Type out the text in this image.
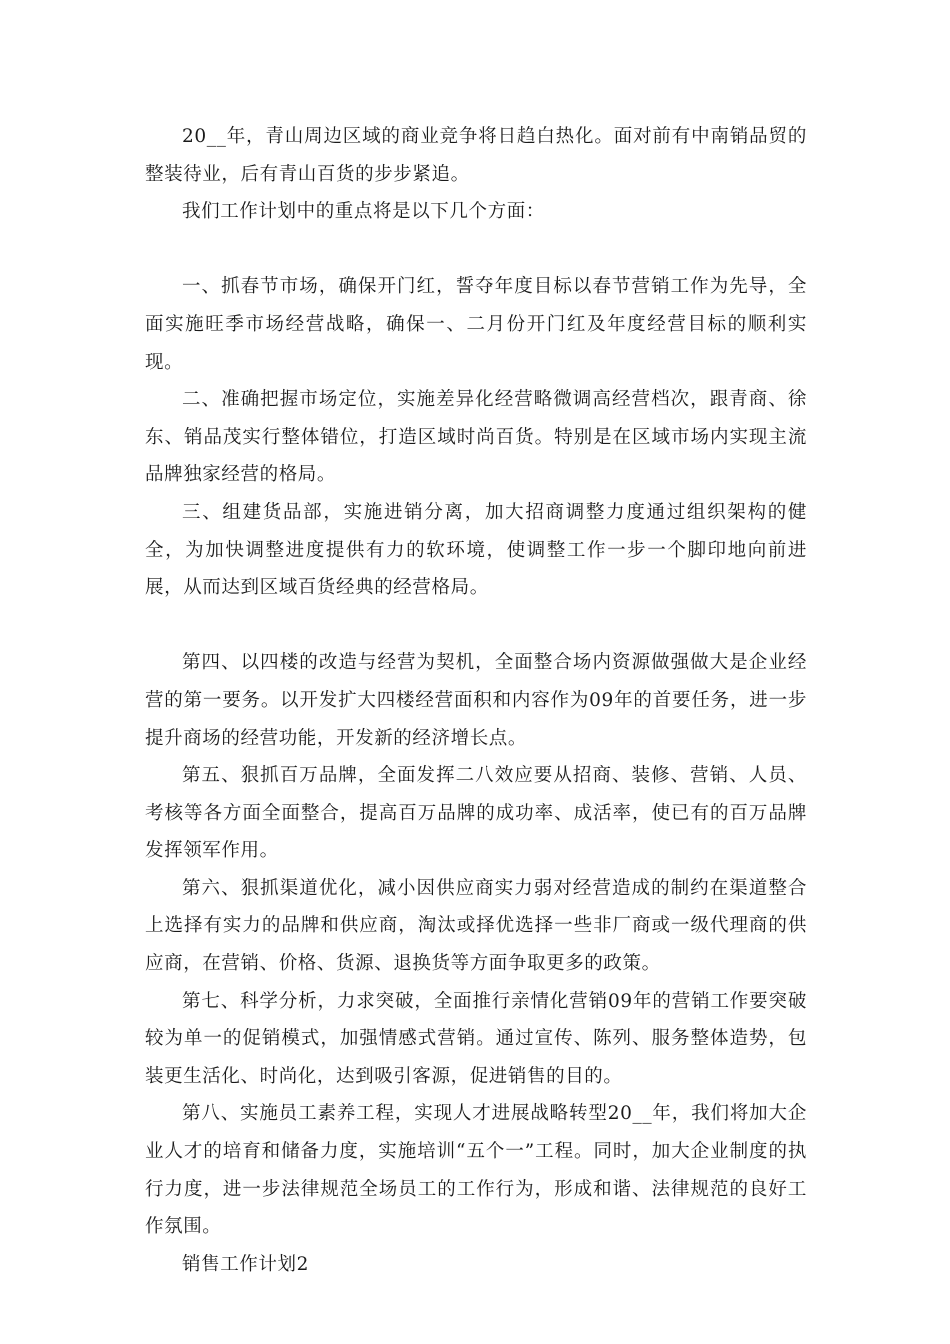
20__年，青山周边区域的商业竞争将日趋白热化。面对前有中南销品贸的整装待业，后有青山百货的步步紧追。

我们工作计划中的重点将是以下几个方面：

一、抓春节市场，确保开门红，誓夺年度目标以春节营销工作为先导，全面实施旺季市场经营战略，确保一、二月份开门红及年度经营目标的顺利实现。

二、准确把握市场定位，实施差异化经营略微调高经营档次，跟青商、徐东、销品茂实行整体错位，打造区域时尚百货。特别是在区域市场内实现主流品牌独家经营的格局。

三、组建货品部，实施进销分离，加大招商调整力度通过组织架构的健全，为加快调整进度提供有力的软环境，使调整工作一步一个脚印地向前进展，从而达到区域百货经典的经营格局。

第四、以四楼的改造与经营为契机，全面整合场内资源做强做大是企业经营的第一要务。以开发扩大四楼经营面积和内容作为09年的首要任务，进一步提升商场的经营功能，开发新的经济增长点。

第五、狠抓百万品牌，全面发挥二八效应要从招商、装修、营销、人员、考核等各方面全面整合，提高百万品牌的成功率、成活率，使已有的百万品牌发挥领军作用。

第六、狠抓渠道优化，减小因供应商实力弱对经营造成的制约在渠道整合上选择有实力的品牌和供应商，淘汰或择优选择一些非厂商或一级代理商的供应商，在营销、价格、货源、退换货等方面争取更多的政策。

第七、科学分析，力求突破，全面推行亲情化营销09年的营销工作要突破较为单一的促销模式，加强情感式营销。通过宣传、陈列、服务整体造势，包装更生活化、时尚化，达到吸引客源，促进销售的目的。

第八、实施员工素养工程，实现人才进展战略转型20__年，我们将加大企业人才的培育和储备力度，实施培训“五个一”工程。同时，加大企业制度的执行力度，进一步法律规范全场员工的工作行为，形成和谐、法律规范的良好工作氛围。

销售工作计划2
